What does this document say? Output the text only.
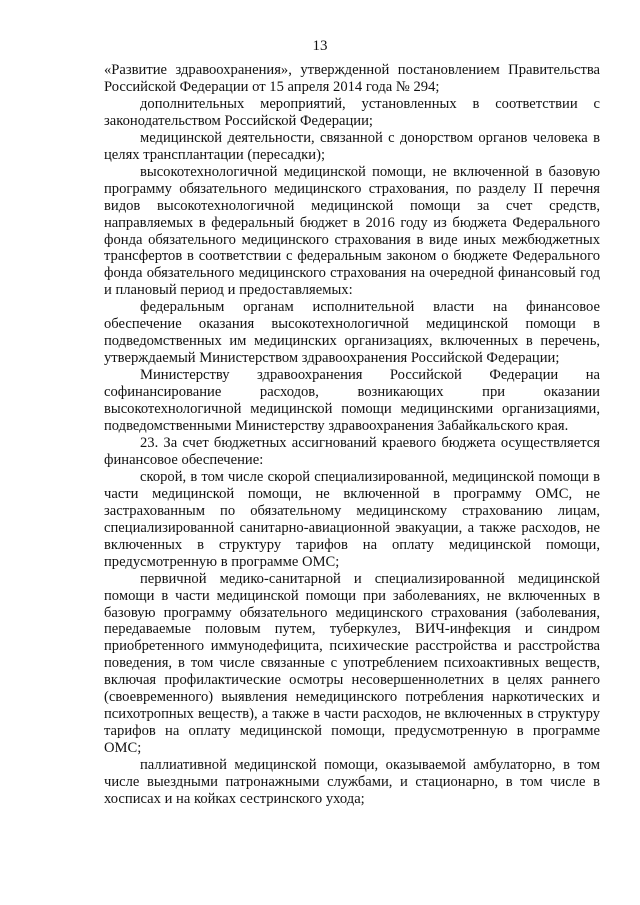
13

«Развитие здравоохранения», утвержденной постановлением Правительства Российской Федерации от 15 апреля 2014 года № 294;

дополнительных мероприятий, установленных в соответствии с законодательством Российской Федерации;

медицинской деятельности, связанной с донорством органов человека в целях трансплантации (пересадки);

высокотехнологичной медицинской помощи, не включенной в базовую программу обязательного медицинского страхования, по разделу II перечня видов высокотехнологичной медицинской помощи за счет средств, направляемых в федеральный бюджет в 2016 году из бюджета Федерального фонда обязательного медицинского страхования в виде иных межбюджетных трансфертов в соответствии с федеральным законом о бюджете Федерального фонда обязательного медицинского страхования на очередной финансовый год и плановый период и предоставляемых:

федеральным органам исполнительной власти на финансовое обеспечение оказания высокотехнологичной медицинской помощи в подведомственных им медицинских организациях, включенных в перечень, утверждаемый Министерством здравоохранения Российской Федерации;

Министерству здравоохранения Российской Федерации на софинансирование расходов, возникающих при оказании высокотехнологичной медицинской помощи медицинскими организациями, подведомственными Министерству здравоохранения Забайкальского края.

23. За счет бюджетных ассигнований краевого бюджета осуществляется финансовое обеспечение:

скорой, в том числе скорой специализированной, медицинской помощи в части медицинской помощи, не включенной в программу ОМС, не застрахованным по обязательному медицинскому страхованию лицам, специализированной санитарно-авиационной эвакуации, а также расходов, не включенных в структуру тарифов на оплату медицинской помощи, предусмотренную в программе ОМС;

первичной медико-санитарной и специализированной медицинской помощи в части медицинской помощи при заболеваниях, не включенных в базовую программу обязательного медицинского страхования (заболевания, передаваемые половым путем, туберкулез, ВИЧ-инфекция и синдром приобретенного иммунодефицита, психические расстройства и расстройства поведения, в том числе связанные с употреблением психоактивных веществ, включая профилактические осмотры несовершеннолетних в целях раннего (своевременного) выявления немедицинского потребления наркотических и психотропных веществ), а также в части расходов, не включенных в структуру тарифов на оплату медицинской помощи, предусмотренную в программе ОМС;

паллиативной медицинской помощи, оказываемой амбулаторно, в том числе выездными патронажными службами, и стационарно, в том числе в хосписах и на койках сестринского ухода;
